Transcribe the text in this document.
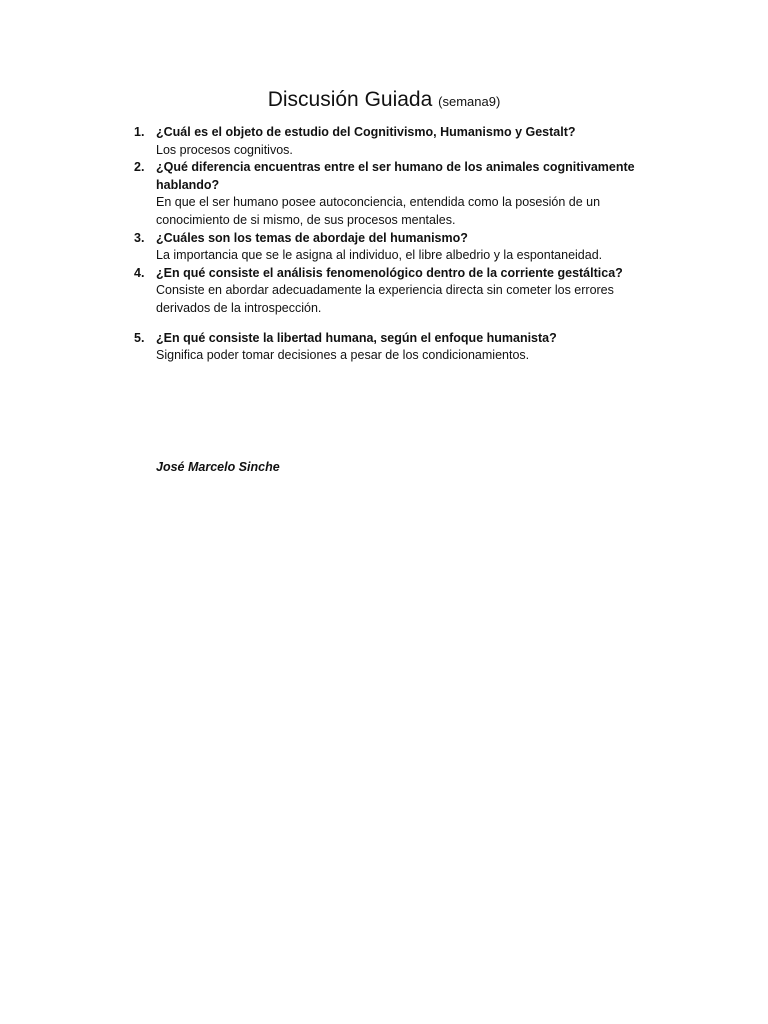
Discusión Guiada (semana9)
1. ¿Cuál es el objeto de estudio del Cognitivismo, Humanismo y Gestalt?
Los procesos cognitivos.
2. ¿Qué diferencia encuentras entre el ser humano de los animales cognitivamente hablando?
En que el ser humano posee autoconciencia, entendida como la posesión de un conocimiento de si mismo, de sus procesos mentales.
3. ¿Cuáles son los temas de abordaje del humanismo?
La importancia que se le asigna al individuo, el libre albedrio y la espontaneidad.
4. ¿En qué consiste el análisis fenomenológico dentro de la corriente gestáltica?
Consiste en abordar adecuadamente la experiencia directa sin cometer los errores derivados de la introspección.
5. ¿En qué consiste la libertad humana, según el enfoque humanista?
Significa poder tomar decisiones a pesar de los condicionamientos.
José Marcelo Sinche
